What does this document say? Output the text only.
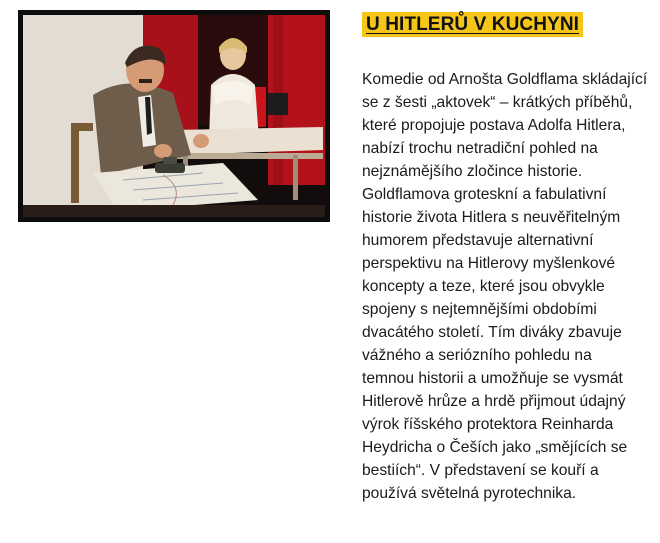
U HITLERŮ V KUCHYNI
Komedie od Arnošta Goldflama skládající se z šesti „aktovek“ – krátkých příběhů, které propojuje postava Adolfa Hitlera, nabízí trochu netradiční pohled na nejznámějšího zločince historie. Goldflamova groteskní a fabulativní historie života Hitlera s neuvěřitelným humorem představuje alternativní perspektivu na Hitlerovy myšlenkové koncepty a teze, které jsou obvykle spojeny s nejtemnějšími obdobími dvacátého století. Tím diváky zbavuje vážného a seriózního pohledu na temnou historii a umožňuje se vysmát Hitlerově hrůze a hrdě přijmout údajný výrok říšského protektora Reinharda Heydricha o Češích jako „smějících se bestiích“. V představení se kouří a používá světelná pyrotechnika.
